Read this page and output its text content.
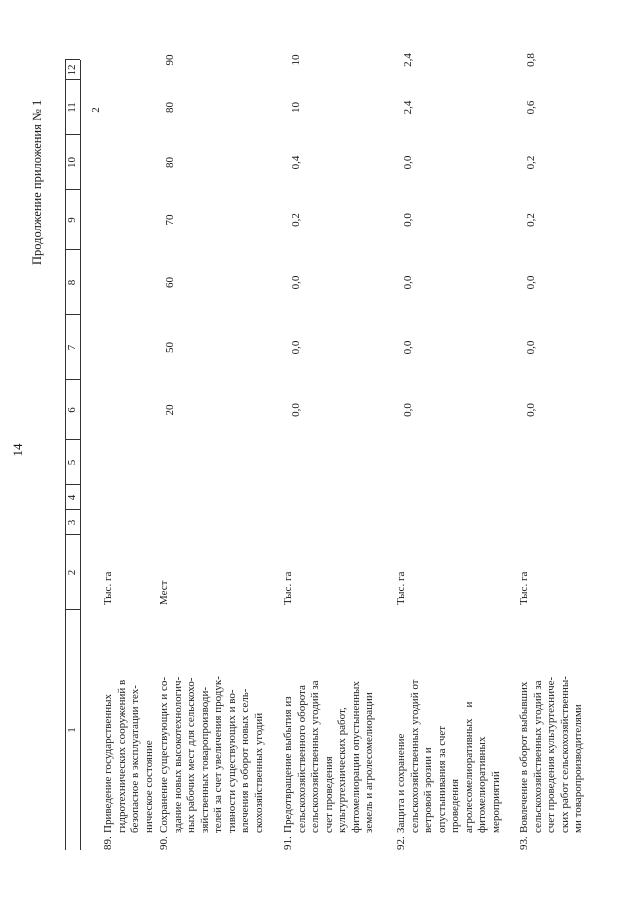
14
Продолжение приложения № 1
1
2
3
4
5
6
7
8
9
10
11
12
2
89.
Приведение государственных гидротехнических сооружений в безопасное в эксплуатации тех- ническое состояние
Тыс. га
90.
Сохранение существующих и со- здание новых высокотехнологич- ных рабочих мест для сельскохо- зяйственных товаропроизводи- телей за счет увеличения продук- тивности существующих и во- влечения в оборот новых сель- скохозяйственных угодий
Мест
20
50
60
70
80
80
90
91.
Предотвращение выбытия из сельскохозяйственного оборота сельскохозяйственных угодий за счет проведения культуртехнических работ, фитомелиорации опустыненных земель и агролесомелиорации
Тыс. га
0,0
0,0
0,0
0,2
0,4
10
10
92.
Защита и сохранение сельскохозяйственных угодий от ветровой эрозии и опустынивания за счет проведения агролесомелиоративных    и фитомелиоративных мероприятий
Тыс. га
0,0
0,0
0,0
0,0
0,0
2,4
2,4
93.
Вовлечение в оборот выбывших сельскохозяйственных угодий за счет проведения культуртехниче- ских работ сельскохозяйственны- ми товаропроизводителями
Тыс. га
0,0
0,0
0,0
0,2
0,2
0,6
0,8
